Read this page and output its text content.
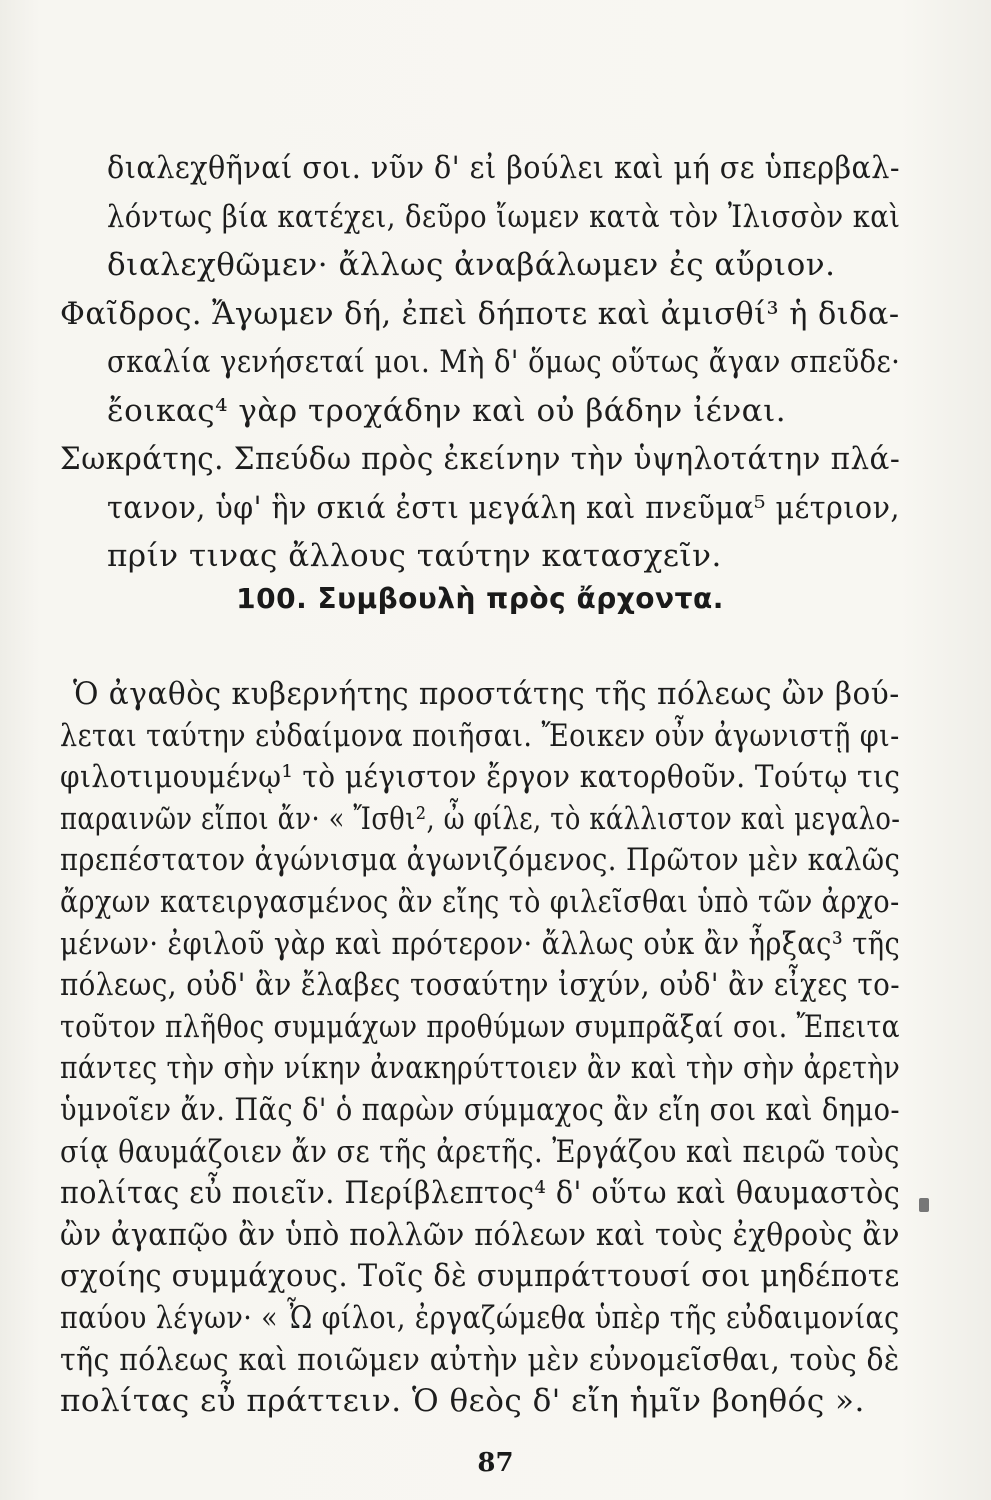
διαλεχθῆναί σοι. νῦν δ' εἰ βούλει καὶ μή σε ὑπερβαλ-
λόντως βία κατέχει, δεῦρο ἴωμεν κατὰ τὸν Ἰλισσὸν καὶ
διαλεχθῶμεν· ἄλλως ἀναβάλωμεν ἐς αὔριον.
Φαῖδρος. Ἄγωμεν δή, ἐπεὶ δήποτε καὶ ἀμισθί³ ἡ διδα-
σκαλία γενήσεταί μοι. Μὴ δ' ὅμως οὕτως ἄγαν σπεῦδε·
ἔοικας⁴ γὰρ τροχάδην καὶ οὐ βάδην ἰέναι.
Σωκράτης. Σπεύδω πρὸς ἐκείνην τὴν ὑψηλοτάτην πλά-
τανον, ὑφ' ἣν σκιά ἐστι μεγάλη καὶ πνεῦμα⁵ μέτριον,
πρίν τινας ἄλλους ταύτην κατασχεῖν.
100. Συμβουλὴ πρὸς ἄρχοντα.
Ὁ ἀγαθὸς κυβερνήτης προστάτης τῆς πόλεως ὢν βού-
λεται ταύτην εὐδαίμονα ποιῆσαι. Ἔοικεν οὖν ἀγωνιστῇ φι-
φιλοτιμουμένῳ¹ τὸ μέγιστον ἔργον κατορθοῦν. Τούτῳ τις
παραινῶν εἴποι ἄν· « Ἴσθι², ὦ φίλε, τὸ κάλλιστον καὶ μεγαλο-
πρεπέστατον ἀγώνισμα ἀγωνιζόμενος. Πρῶτον μὲν καλῶς
ἄρχων κατειργασμένος ἂν εἴης τὸ φιλεῖσθαι ὑπὸ τῶν ἀρχο-
μένων· ἐφιλοῦ γὰρ καὶ πρότερον· ἄλλως οὐκ ἂν ἦρξας³ τῆς
πόλεως, οὐδ' ἂν ἔλαβες τοσαύτην ἰσχύν, οὐδ' ἂν εἶχες το-
τοῦτον πλῆθος συμμάχων προθύμων συμπρᾶξαί σοι. Ἔπειτα
πάντες τὴν σὴν νίκην ἀνακηρύττοιεν ἂν καὶ τὴν σὴν ἀρετὴν
ὑμνοῖεν ἄν. Πᾶς δ' ὁ παρὼν σύμμαχος ἂν εἴη σοι καὶ δημο-
σίᾳ θαυμάζοιεν ἄν σε τῆς ἀρετῆς. Ἐργάζου καὶ πειρῶ τοὺς
πολίτας εὖ ποιεῖν. Περίβλεπτος⁴ δ' οὕτω καὶ θαυμαστὸς
ὢν ἀγαπῷο ἂν ὑπὸ πολλῶν πόλεων καὶ τοὺς ἐχθροὺς ἂν
σχοίης συμμάχους. Τοῖς δὲ συμπράττουσί σοι μηδέποτε
παύου λέγων· « Ὦ φίλοι, ἐργαζώμεθα ὑπὲρ τῆς εὐδαιμονίας
τῆς πόλεως καὶ ποιῶμεν αὐτὴν μὲν εὐνομεῖσθαι, τοὺς δὲ
πολίτας εὖ πράττειν. Ὁ θεὸς δ' εἴη ἡμῖν βοηθός ».
87
